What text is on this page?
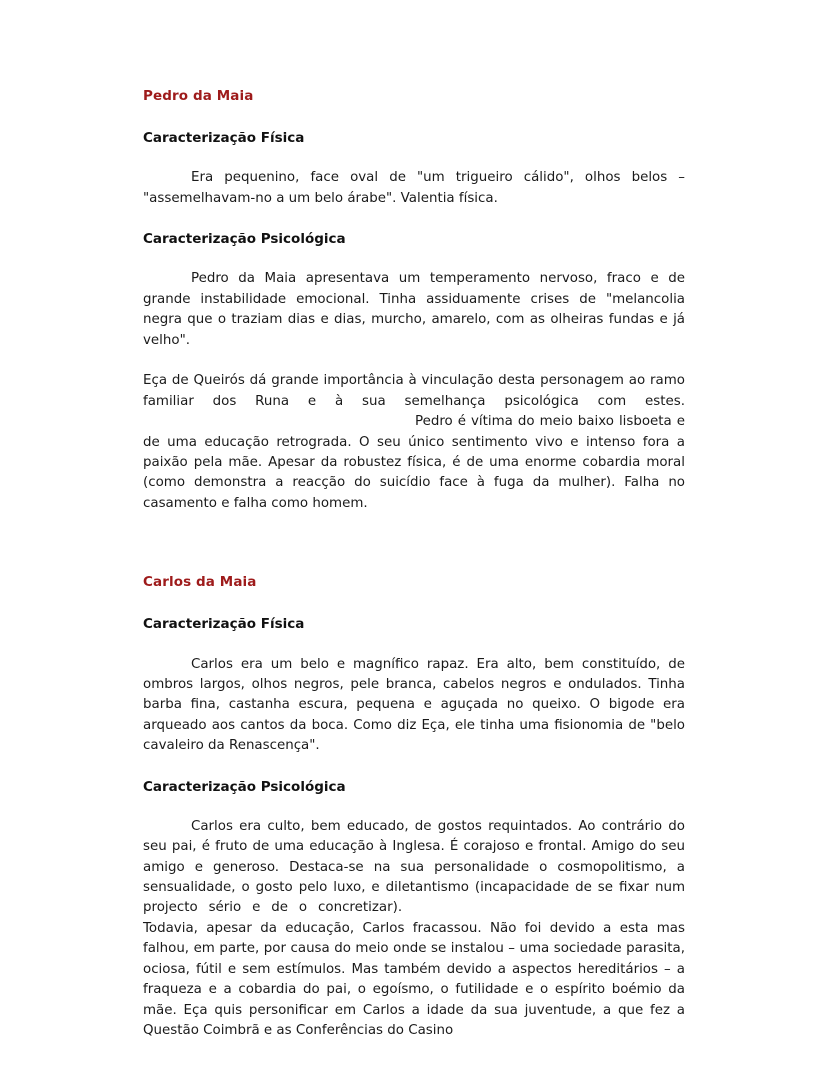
Pedro da Maia
Caracterização Física

Era pequenino, face oval de "um trigueiro cálido", olhos belos – "assemelhavam-no a um belo árabe". Valentia física.

Caracterização Psicológica

Pedro da Maia apresentava um temperamento nervoso, fraco e de grande instabilidade emocional. Tinha assiduamente crises de "melancolia negra que o traziam dias e dias, murcho, amarelo, com as olheiras fundas e já velho". Eça de Queirós dá grande importância à vinculação desta personagem ao ramo familiar dos Runa e à sua semelhança psicológica com estes. Pedro é vítima do meio baixo lisboeta e de uma educação retrograda. O seu único sentimento vivo e intenso fora a paixão pela mãe. Apesar da robustez física, é de uma enorme cobardia moral (como demonstra a reacção do suicídio face à fuga da mulher). Falha no casamento e falha como homem.

Carlos da Maia
Caracterização Física

Carlos era um belo e magnífico rapaz. Era alto, bem constituído, de ombros largos, olhos negros, pele branca, cabelos negros e ondulados. Tinha barba fina, castanha escura, pequena e aguçada no queixo. O bigode era arqueado aos cantos da boca. Como diz Eça, ele tinha uma fisionomia de "belo cavaleiro da Renascença".

Caracterização Psicológica

Carlos era culto, bem educado, de gostos requintados. Ao contrário do seu pai, é fruto de uma educação à Inglesa. É corajoso e frontal. Amigo do seu amigo e generoso. Destaca-se na sua personalidade o cosmopolitismo, a sensualidade, o gosto pelo luxo, e diletantismo (incapacidade de se fixar num projecto sério e de o concretizar). Todavia, apesar da educação, Carlos fracassou. Não foi devido a esta mas falhou, em parte, por causa do meio onde se instalou – uma sociedade parasita, ociosa, fútil e sem estímulos. Mas também devido a aspectos hereditários – a fraqueza e a cobardia do pai, o egoísmo, o futilidade e o espírito boémio da mãe. Eça quis personificar em Carlos a idade da sua juventude, a que fez a Questão Coimbrã e as Conferências do Casino
